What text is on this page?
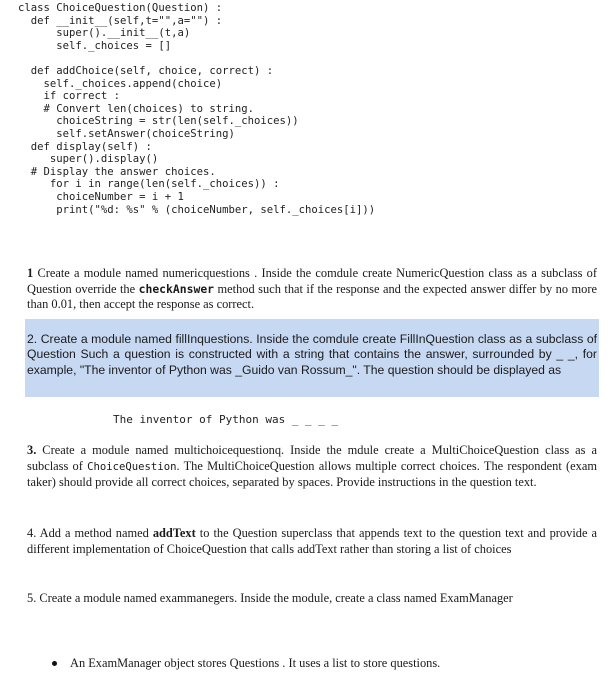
class ChoiceQuestion(Question) :
def __init__(self,t="",a="") :
super().__init__(t,a)
self._choices = []
def addChoice(self, choice, correct) :
self._choices.append(choice)
if correct :
# Convert len(choices) to string.
choiceString = str(len(self._choices))
self.setAnswer(choiceString)
def display(self) :
super().display()
# Display the answer choices.
for i in range(len(self._choices)) :
choiceNumber = i + 1
print("%d: %s" % (choiceNumber, self._choices[i]))
1 Create a module named numericquestions . Inside the comdule create NumericQuestion class as a subclass of Question override the checkAnswer method such that if the response and the expected answer differ by no more than 0.01, then accept the response as correct.
2. Create a module named fillInquestions. Inside the comdule create FillInQuestion class as a subclass of Question Such a question is constructed with a string that contains the answer, surrounded by _ _, for example, "The inventor of Python was _Guido van Rossum_". The question should be displayed as
The inventor of Python was _ _ _ _
3. Create a module named multichoicequestionq. Inside the mdule create a MultiChoiceQuestion class as a subclass of ChoiceQuestion. The MultiChoiceQuestion allows multiple correct choices. The respondent (exam taker) should provide all correct choices, separated by spaces. Provide instructions in the question text.
4. Add a method named addText to the Question superclass that appends text to the question text and provide a different implementation of ChoiceQuestion that calls addText rather than storing a list of choices
5. Create a module named exammanegers. Inside the module, create a class named ExamManager
An ExamManager object stores Questions . It uses a list to store questions.
